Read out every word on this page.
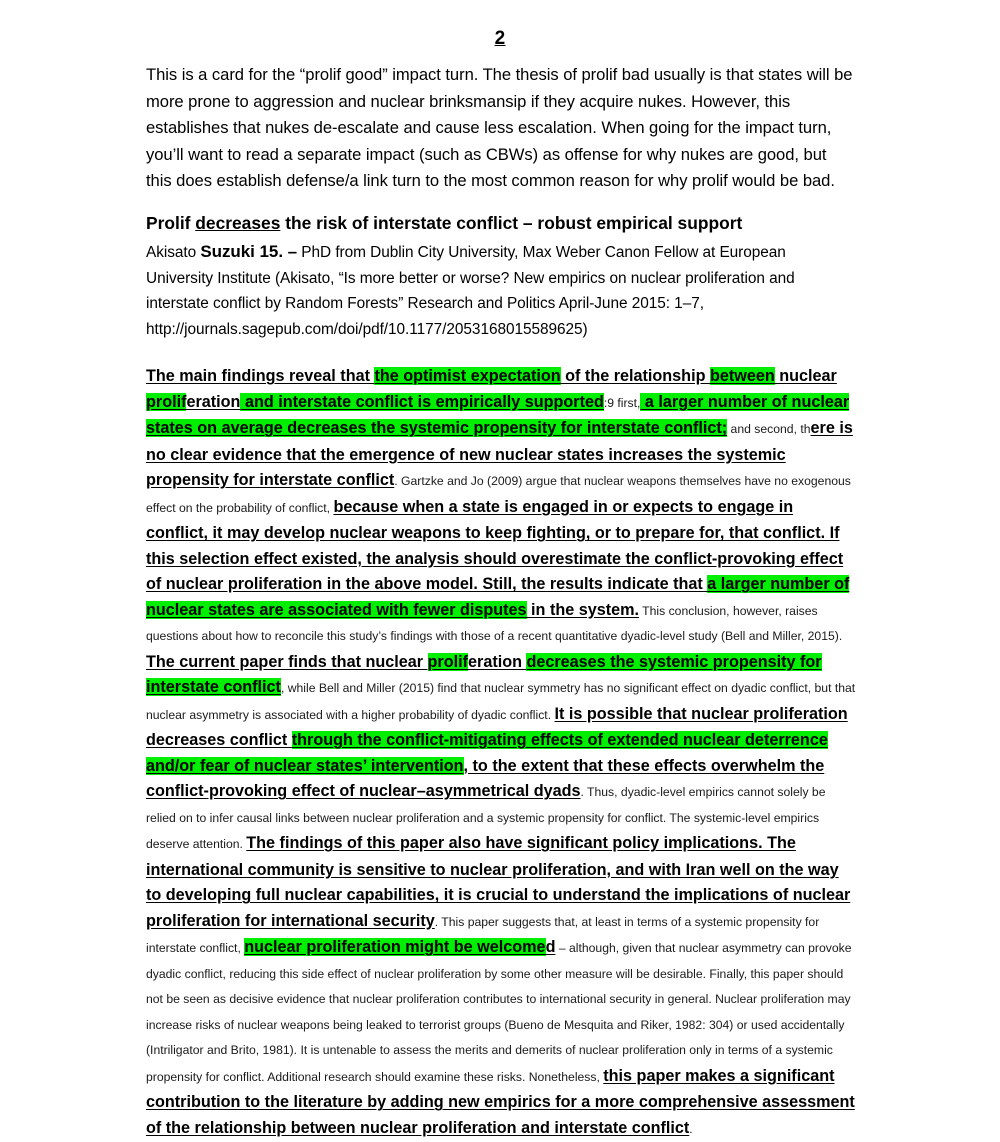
2

This is a card for the “prolif good” impact turn. The thesis of prolif bad usually is that states will be more prone to aggression and nuclear brinksmansip if they acquire nukes. However, this establishes that nukes de-escalate and cause less escalation. When going for the impact turn, you’ll want to read a separate impact (such as CBWs) as offense for why nukes are good, but this does establish defense/a link turn to the most common reason for why prolif would be bad.

Prolif decreases the risk of interstate conflict – robust empirical support

Akisato Suzuki 15. – PhD from Dublin City University, Max Weber Canon Fellow at European University Institute (Akisato, “Is more better or worse? New empirics on nuclear proliferation and interstate conflict by Random Forests” Research and Politics April-June 2015: 1–7, http://journals.sagepub.com/doi/pdf/10.1177/2053168015589625)

The main findings reveal that the optimist expectation of the relationship between nuclear proliferation and interstate conflict is empirically supported:9 first, a larger number of nuclear states on average decreases the systemic propensity for interstate conflict; and second, there is no clear evidence that the emergence of new nuclear states increases the systemic propensity for interstate conflict. Gartzke and Jo (2009) argue that nuclear weapons themselves have no exogenous effect on the probability of conflict, because when a state is engaged in or expects to engage in conflict, it may develop nuclear weapons to keep fighting, or to prepare for, that conflict. If this selection effect existed, the analysis should overestimate the conflict-provoking effect of nuclear proliferation in the above model. Still, the results indicate that a larger number of nuclear states are associated with fewer disputes in the system. This conclusion, however, raises questions about how to reconcile this study’s findings with those of a recent quantitative dyadic-level study (Bell and Miller, 2015). The current paper finds that nuclear proliferation decreases the systemic propensity for interstate conflict, while Bell and Miller (2015) find that nuclear symmetry has no significant effect on dyadic conflict, but that nuclear asymmetry is associated with a higher probability of dyadic conflict. It is possible that nuclear proliferation decreases conflict through the conflict-mitigating effects of extended nuclear deterrence and/or fear of nuclear states’ intervention, to the extent that these effects overwhelm the conflict-provoking effect of nuclear–asymmetrical dyads. Thus, dyadic-level empirics cannot solely be relied on to infer causal links between nuclear proliferation and a systemic propensity for conflict. The systemic-level empirics deserve attention. The findings of this paper also have significant policy implications. The international community is sensitive to nuclear proliferation, and with Iran well on the way to developing full nuclear capabilities, it is crucial to understand the implications of nuclear proliferation for international security. This paper suggests that, at least in terms of a systemic propensity for interstate conflict, nuclear proliferation might be welcomed – although, given that nuclear asymmetry can provoke dyadic conflict, reducing this side effect of nuclear proliferation by some other measure will be desirable. Finally, this paper should not be seen as decisive evidence that nuclear proliferation contributes to international security in general. Nuclear proliferation may increase risks of nuclear weapons being leaked to terrorist groups (Bueno de Mesquita and Riker, 1982: 304) or used accidentally (Intriligator and Brito, 1981). It is untenable to assess the merits and demerits of nuclear proliferation only in terms of a systemic propensity for conflict. Additional research should examine these risks. Nonetheless, this paper makes a significant contribution to the literature by adding new empirics for a more comprehensive assessment of the relationship between nuclear proliferation and interstate conflict.
